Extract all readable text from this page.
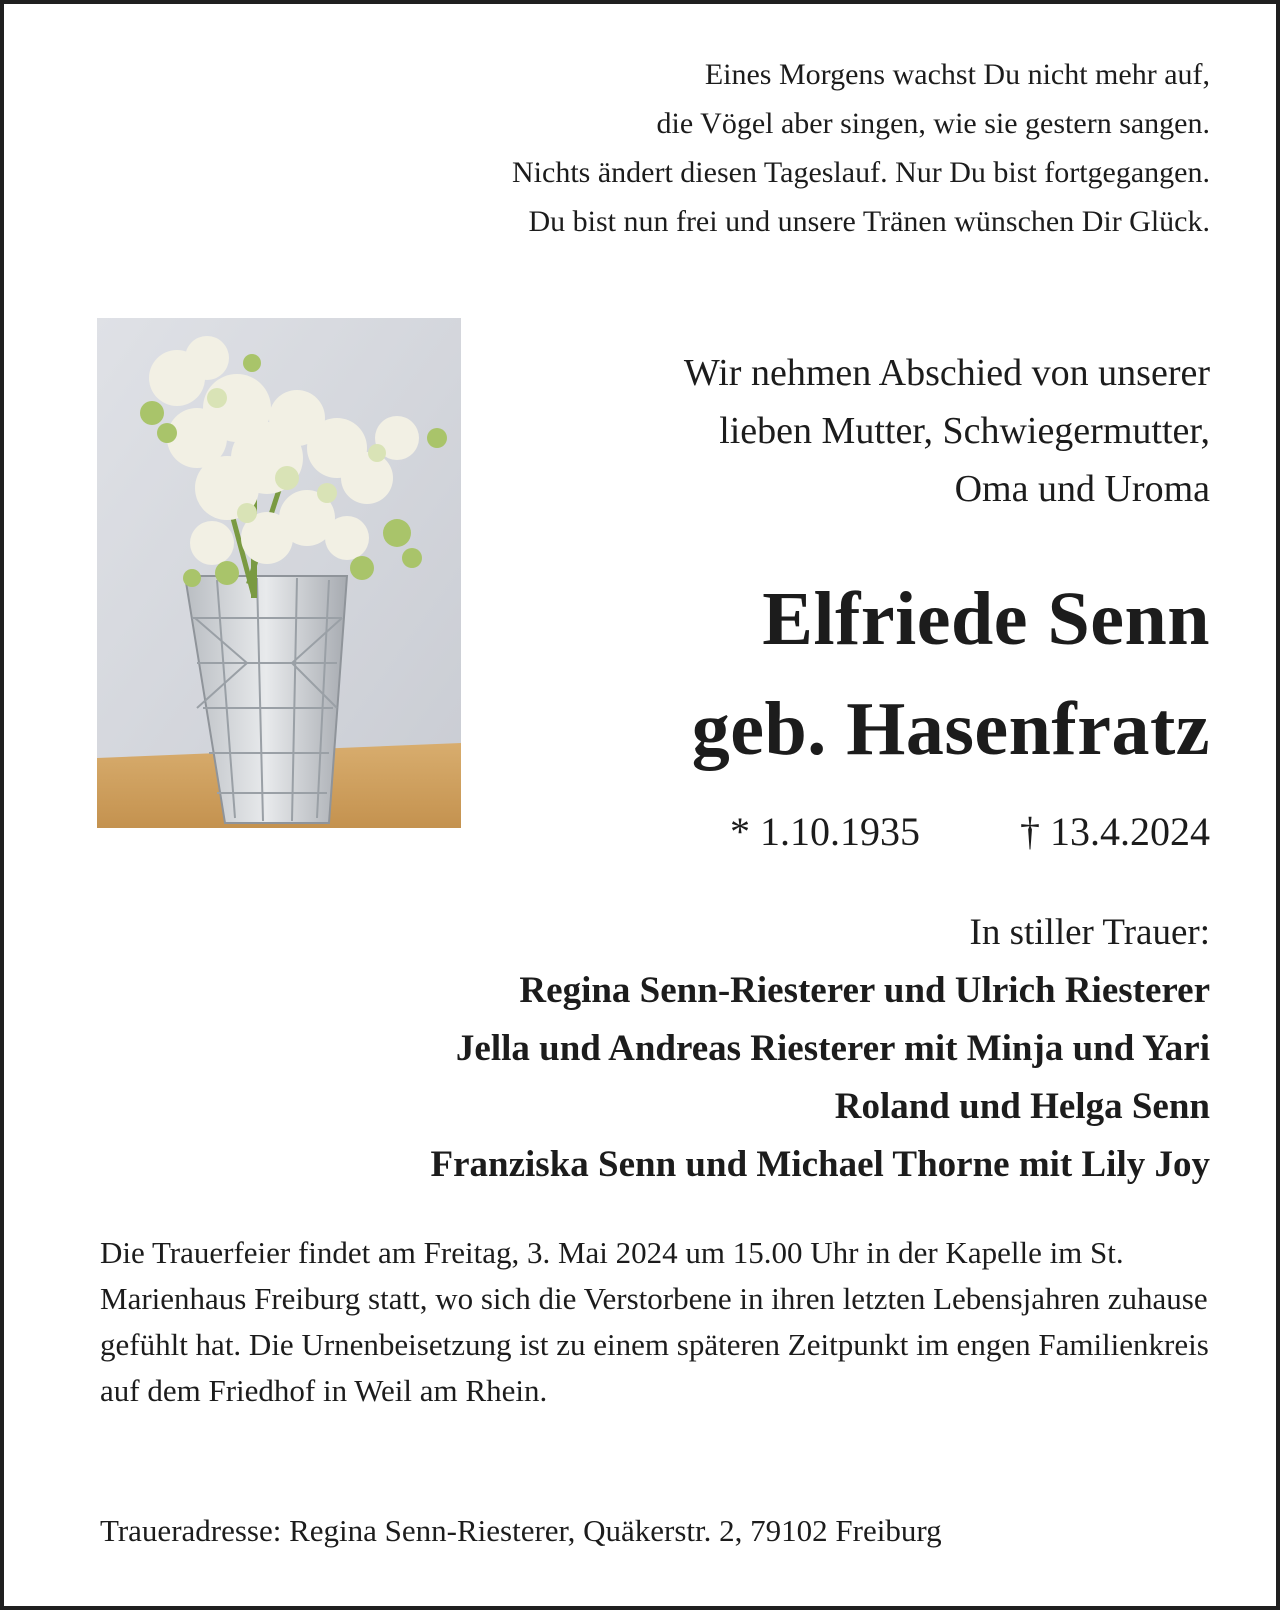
Eines Morgens wachst Du nicht mehr auf,
die Vögel aber singen, wie sie gestern sangen.
Nichts ändert diesen Tageslauf. Nur Du bist fortgegangen.
Du bist nun frei und unsere Tränen wünschen Dir Glück.
Wir nehmen Abschied von unserer
lieben Mutter, Schwiegermutter,
Oma und Uroma
Elfriede Senn
geb. Hasenfratz
* 1.10.1935	† 13.4.2024
In stiller Trauer:
Regina Senn-Riesterer und Ulrich Riesterer
Jella und Andreas Riesterer mit Minja und Yari
Roland und Helga Senn
Franziska Senn und Michael Thorne mit Lily Joy
Die Trauerfeier findet am Freitag, 3. Mai 2024 um 15.00 Uhr in der Kapelle im St. Marienhaus Freiburg statt, wo sich die Verstorbene in ihren letzten Lebensjahren zuhause gefühlt hat. Die Urnenbeisetzung ist zu einem späteren Zeitpunkt im engen Familienkreis auf dem Friedhof in Weil am Rhein.
Traueradresse: Regina Senn-Riesterer, Quäkerstr. 2, 79102 Freiburg
